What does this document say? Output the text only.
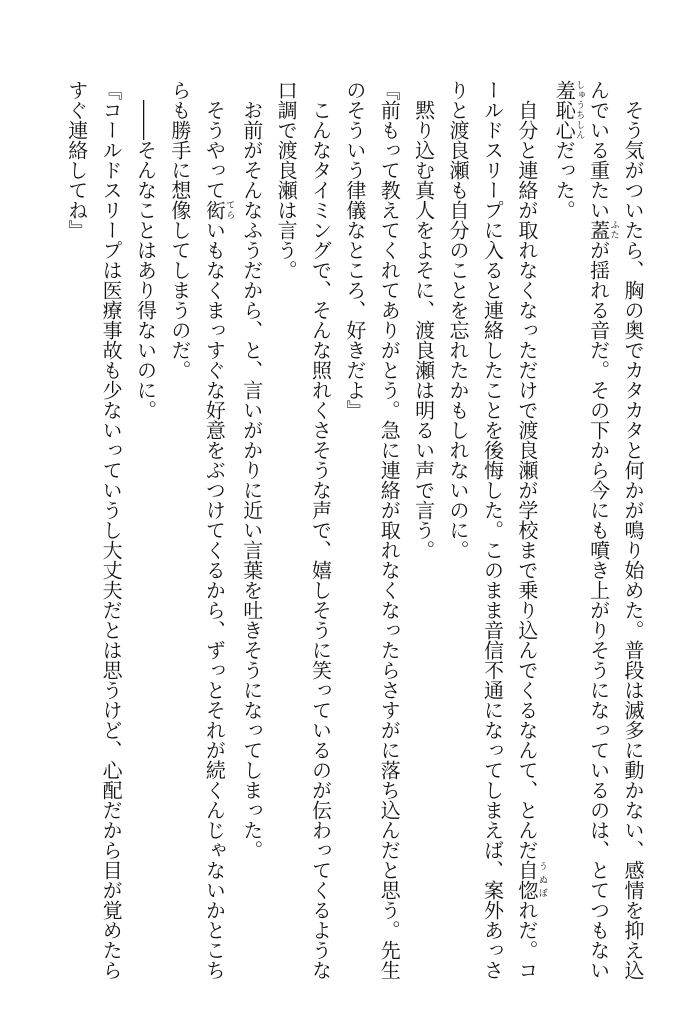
そう気がついたら、胸の奥でカタカタと何かが鳴り始めた。普段は滅多に動かない、感情を抑え込んでいる重たい蓋ふたが揺れる音だ。その下から今にも噴き上がりそうになっているのは、とてつもない羞恥心しゅうちしんだった。

自分と連絡が取れなくなっただけで渡良瀬が学校まで乗り込んでくるなんて、とんだ自惚うぬぼれだ。コールドスリープに入ると連絡したことを後悔した。このまま音信不通になってしまえば、案外あっさりと渡良瀬も自分のことを忘れたかもしれないのに。

黙り込む真人をよそに、渡良瀬は明るい声で言う。

『前もって教えてくれてありがとう。急に連絡が取れなくなったらさすがに落ち込んだと思う。先生のそういう律儀なところ、好きだよ』

こんなタイミングで、そんな照れくさそうな声で、嬉しそうに笑っているのが伝わってくるような口調で渡良瀬は言う。

お前がそんなふうだから、と、言いがかりに近い言葉を吐きそうになってしまった。

そうやって衒てらいもなくまっすぐな好意をぶつけてくるから、ずっとそれが続くんじゃないかとこちらも勝手に想像してしまうのだ。

――そんなことはあり得ないのに。

『コールドスリープは医療事故も少ないっていうし大丈夫だとは思うけど、心配だから目が覚めたらすぐ連絡してね』
